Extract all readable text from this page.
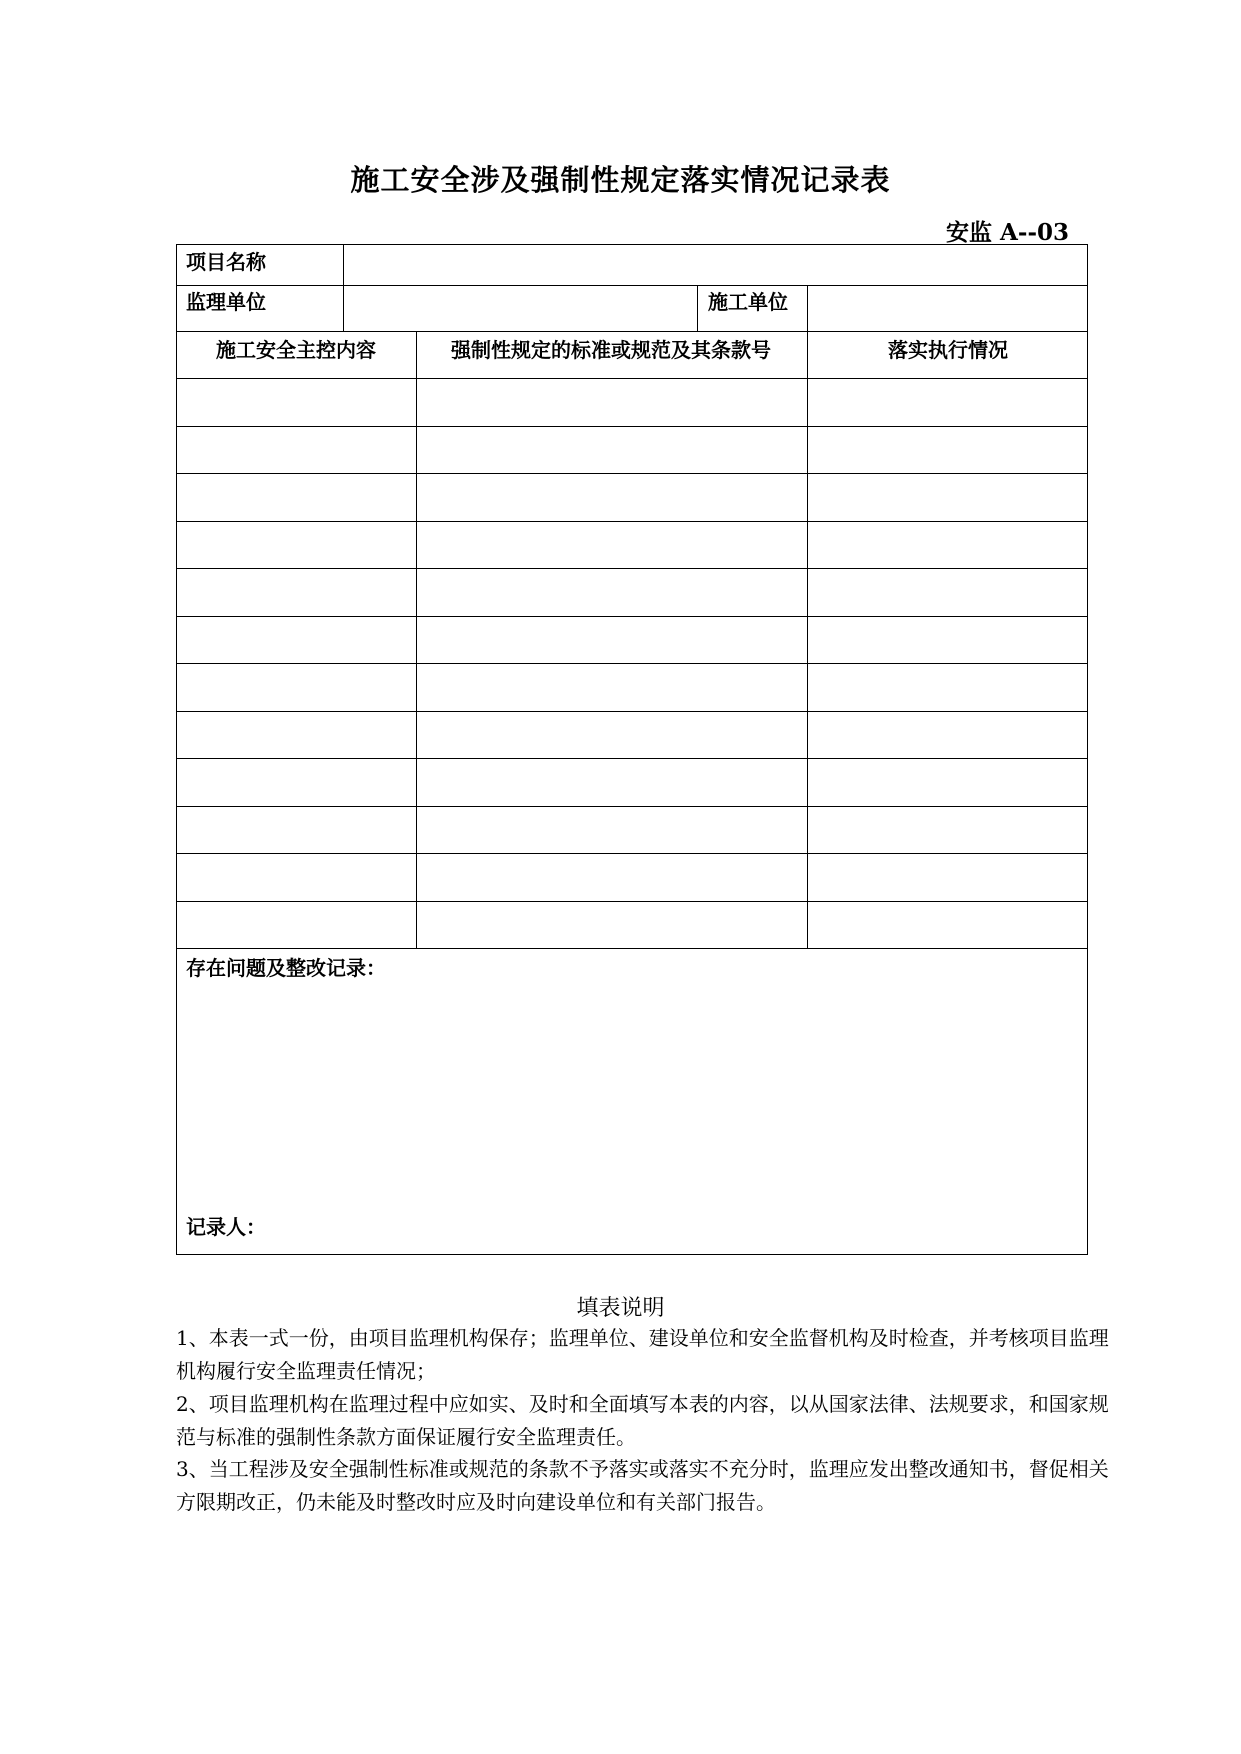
施工安全涉及强制性规定落实情况记录表
安监 A--03
项目名称
监理单位	施工单位
施工安全主控内容	强制性规定的标准或规范及其条款号	落实执行情况
存在问题及整改记录：
记录人：
填表说明
1、本表一式一份，由项目监理机构保存；监理单位、建设单位和安全监督机构及时检查，并考核项目监理机构履行安全监理责任情况；
2、项目监理机构在监理过程中应如实、及时和全面填写本表的内容，以从国家法律、法规要求，和国家规范与标准的强制性条款方面保证履行安全监理责任。
3、当工程涉及安全强制性标准或规范的条款不予落实或落实不充分时，监理应发出整改通知书，督促相关方限期改正，仍未能及时整改时应及时向建设单位和有关部门报告。
